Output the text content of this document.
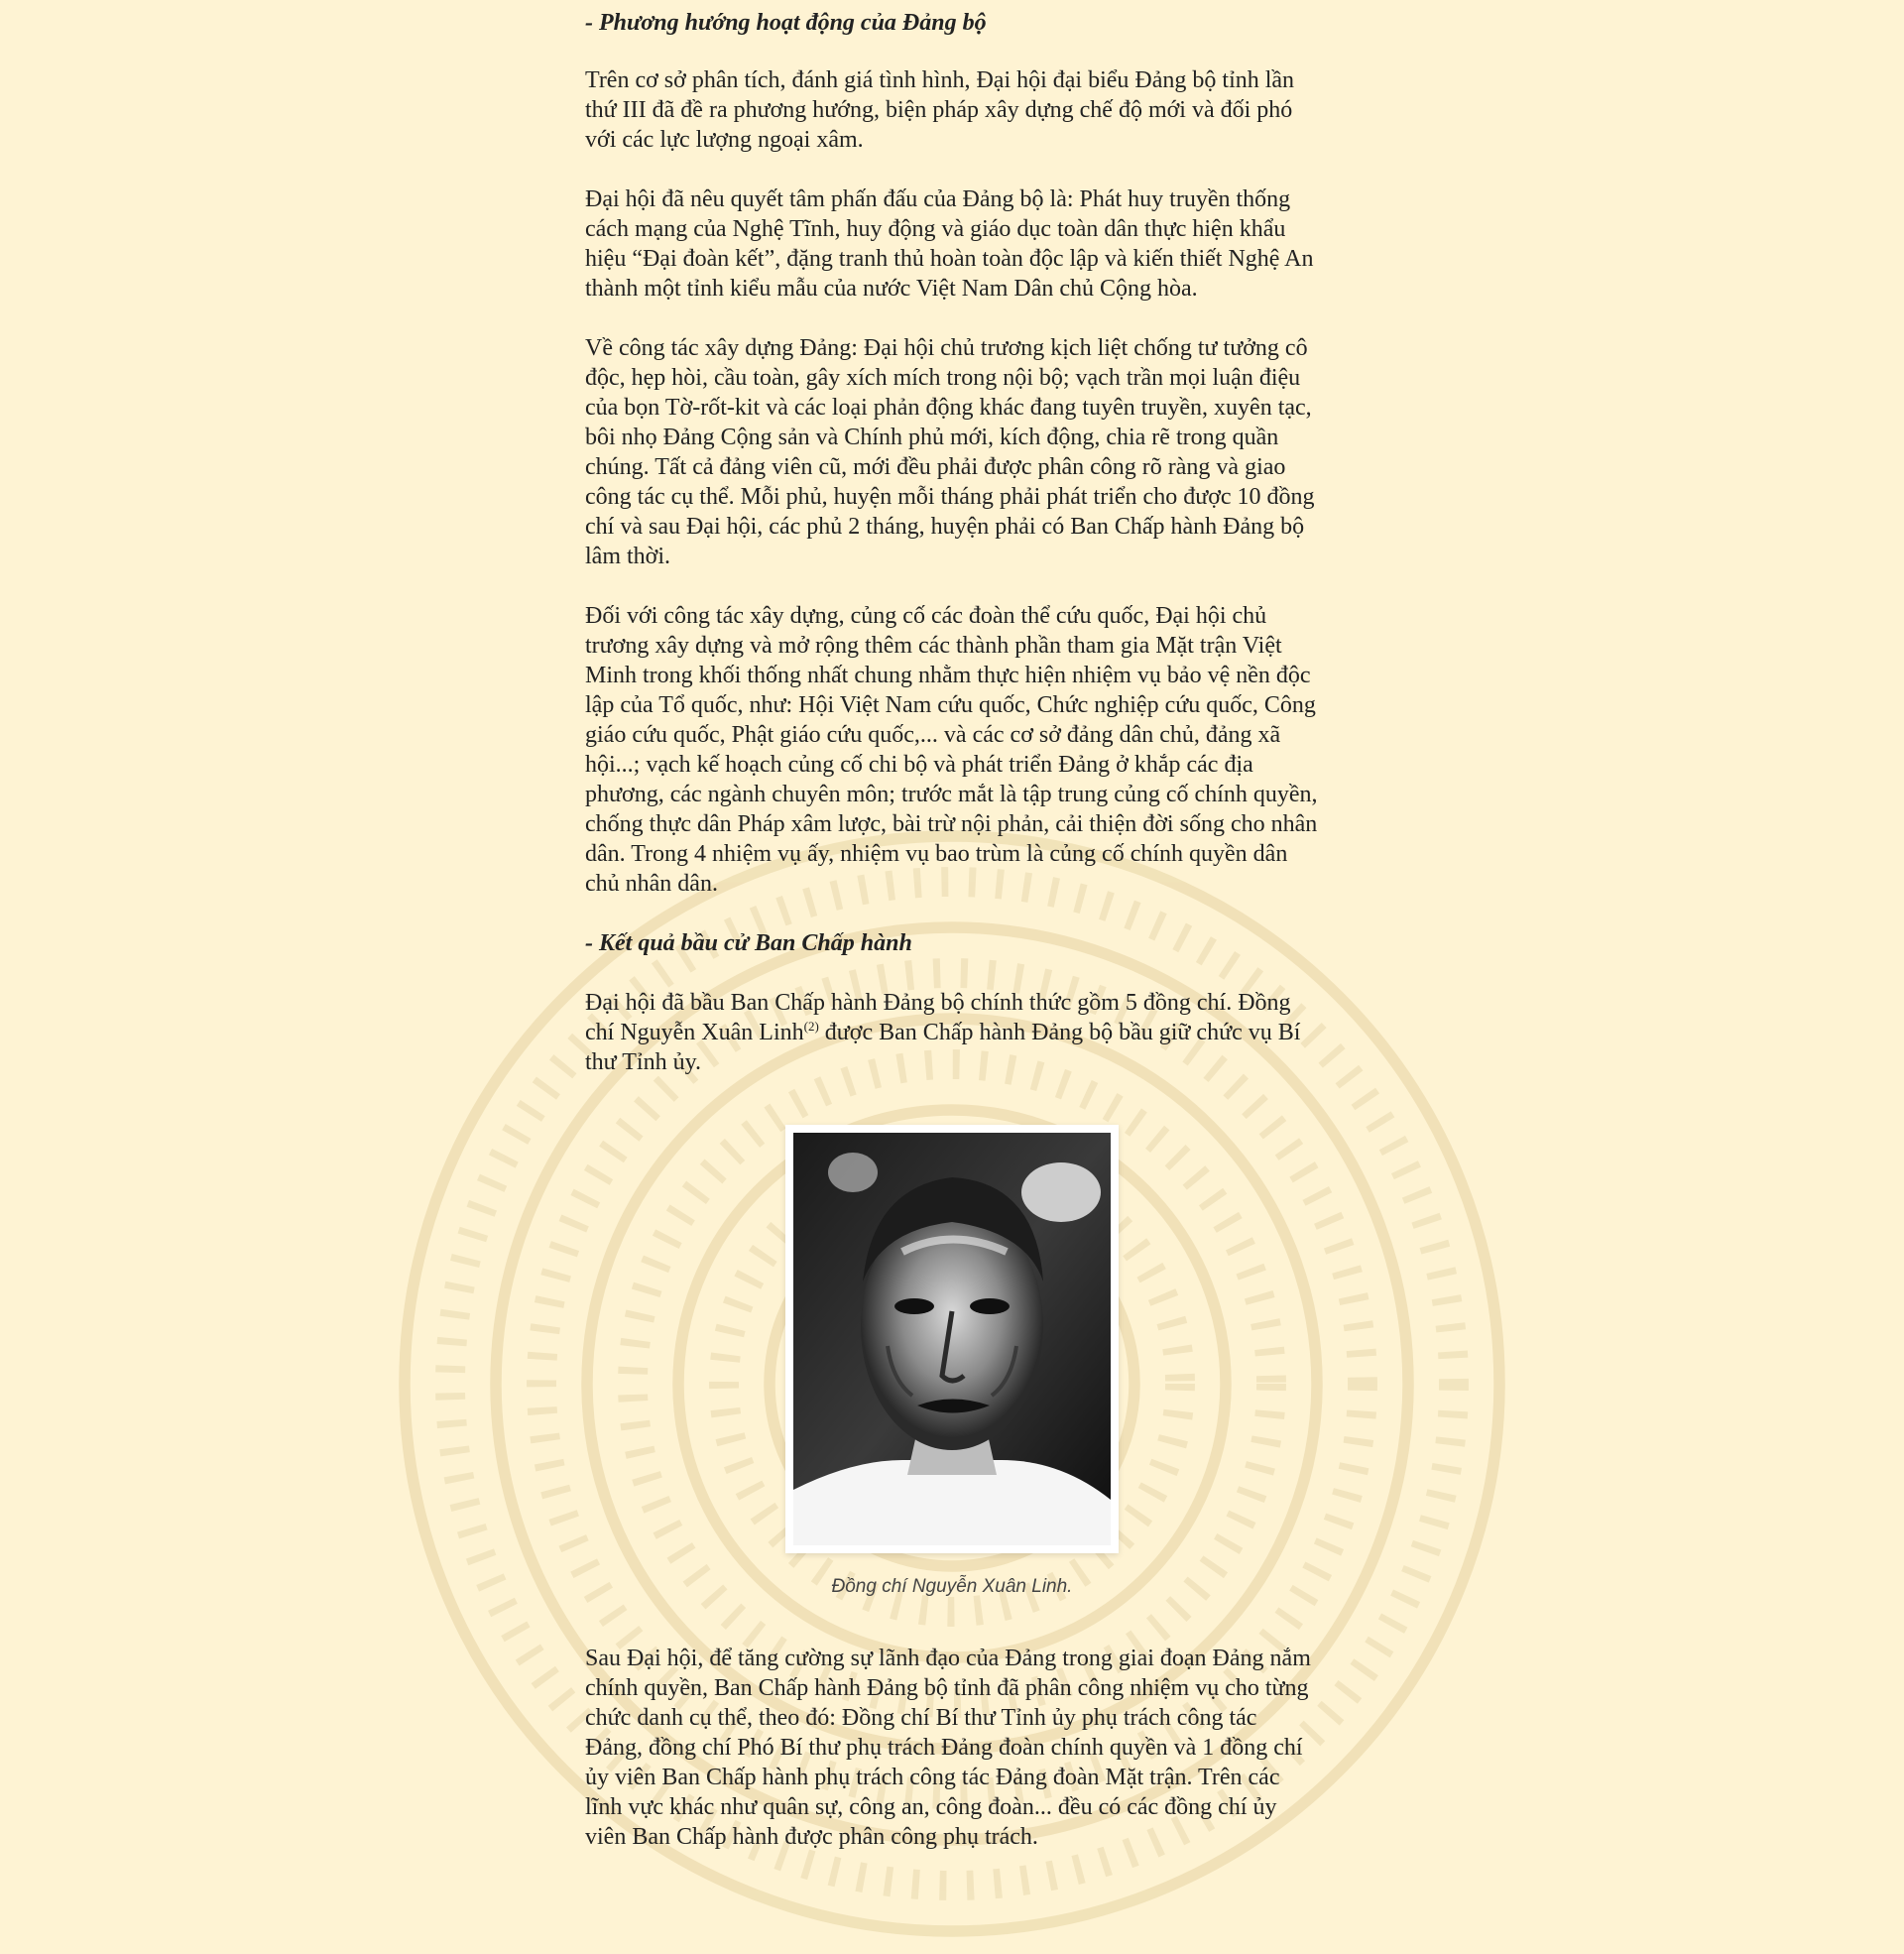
- Phương hướng hoạt động của Đảng bộ

Trên cơ sở phân tích, đánh giá tình hình, Đại hội đại biểu Đảng bộ tỉnh lần thứ III đã đề ra phương hướng, biện pháp xây dựng chế độ mới và đối phó với các lực lượng ngoại xâm.

Đại hội đã nêu quyết tâm phấn đấu của Đảng bộ là: Phát huy truyền thống cách mạng của Nghệ Tĩnh, huy động và giáo dục toàn dân thực hiện khẩu hiệu “Đại đoàn kết”, đặng tranh thủ hoàn toàn độc lập và kiến thiết Nghệ An thành một tỉnh kiểu mẫu của nước Việt Nam Dân chủ Cộng hòa.

Về công tác xây dựng Đảng: Đại hội chủ trương kịch liệt chống tư tưởng cô độc, hẹp hòi, cầu toàn, gây xích mích trong nội bộ; vạch trần mọi luận điệu của bọn Tờ-rốt-kit và các loại phản động khác đang tuyên truyền, xuyên tạc, bôi nhọ Đảng Cộng sản và Chính phủ mới, kích động, chia rẽ trong quần chúng. Tất cả đảng viên cũ, mới đều phải được phân công rõ ràng và giao công tác cụ thể. Mỗi phủ, huyện mỗi tháng phải phát triển cho được 10 đồng chí và sau Đại hội, các phủ 2 tháng, huyện phải có Ban Chấp hành Đảng bộ lâm thời.

Đối với công tác xây dựng, củng cố các đoàn thể cứu quốc, Đại hội chủ trương xây dựng và mở rộng thêm các thành phần tham gia Mặt trận Việt Minh trong khối thống nhất chung nhằm thực hiện nhiệm vụ bảo vệ nền độc lập của Tổ quốc, như: Hội Việt Nam cứu quốc, Chức nghiệp cứu quốc, Công giáo cứu quốc, Phật giáo cứu quốc,... và các cơ sở đảng dân chủ, đảng xã hội...; vạch kế hoạch củng cố chi bộ và phát triển Đảng ở khắp các địa phương, các ngành chuyên môn; trước mắt là tập trung củng cố chính quyền, chống thực dân Pháp xâm lược, bài trừ nội phản, cải thiện đời sống cho nhân dân. Trong 4 nhiệm vụ ấy, nhiệm vụ bao trùm là củng cố chính quyền dân chủ nhân dân.

- Kết quả bầu cử Ban Chấp hành

Đại hội đã bầu Ban Chấp hành Đảng bộ chính thức gồm 5 đồng chí. Đồng chí Nguyễn Xuân Linh$^{(2)}$ được Ban Chấp hành Đảng bộ bầu giữ chức vụ Bí thư Tỉnh ủy.

Đồng chí Nguyễn Xuân Linh.

Sau Đại hội, để tăng cường sự lãnh đạo của Đảng trong giai đoạn Đảng nắm chính quyền, Ban Chấp hành Đảng bộ tỉnh đã phân công nhiệm vụ cho từng chức danh cụ thể, theo đó: Đồng chí Bí thư Tỉnh ủy phụ trách công tác Đảng, đồng chí Phó Bí thư phụ trách Đảng đoàn chính quyền và 1 đồng chí ủy viên Ban Chấp hành phụ trách công tác Đảng đoàn Mặt trận. Trên các lĩnh vực khác như quân sự, công an, công đoàn... đều có các đồng chí ủy viên Ban Chấp hành được phân công phụ trách.
